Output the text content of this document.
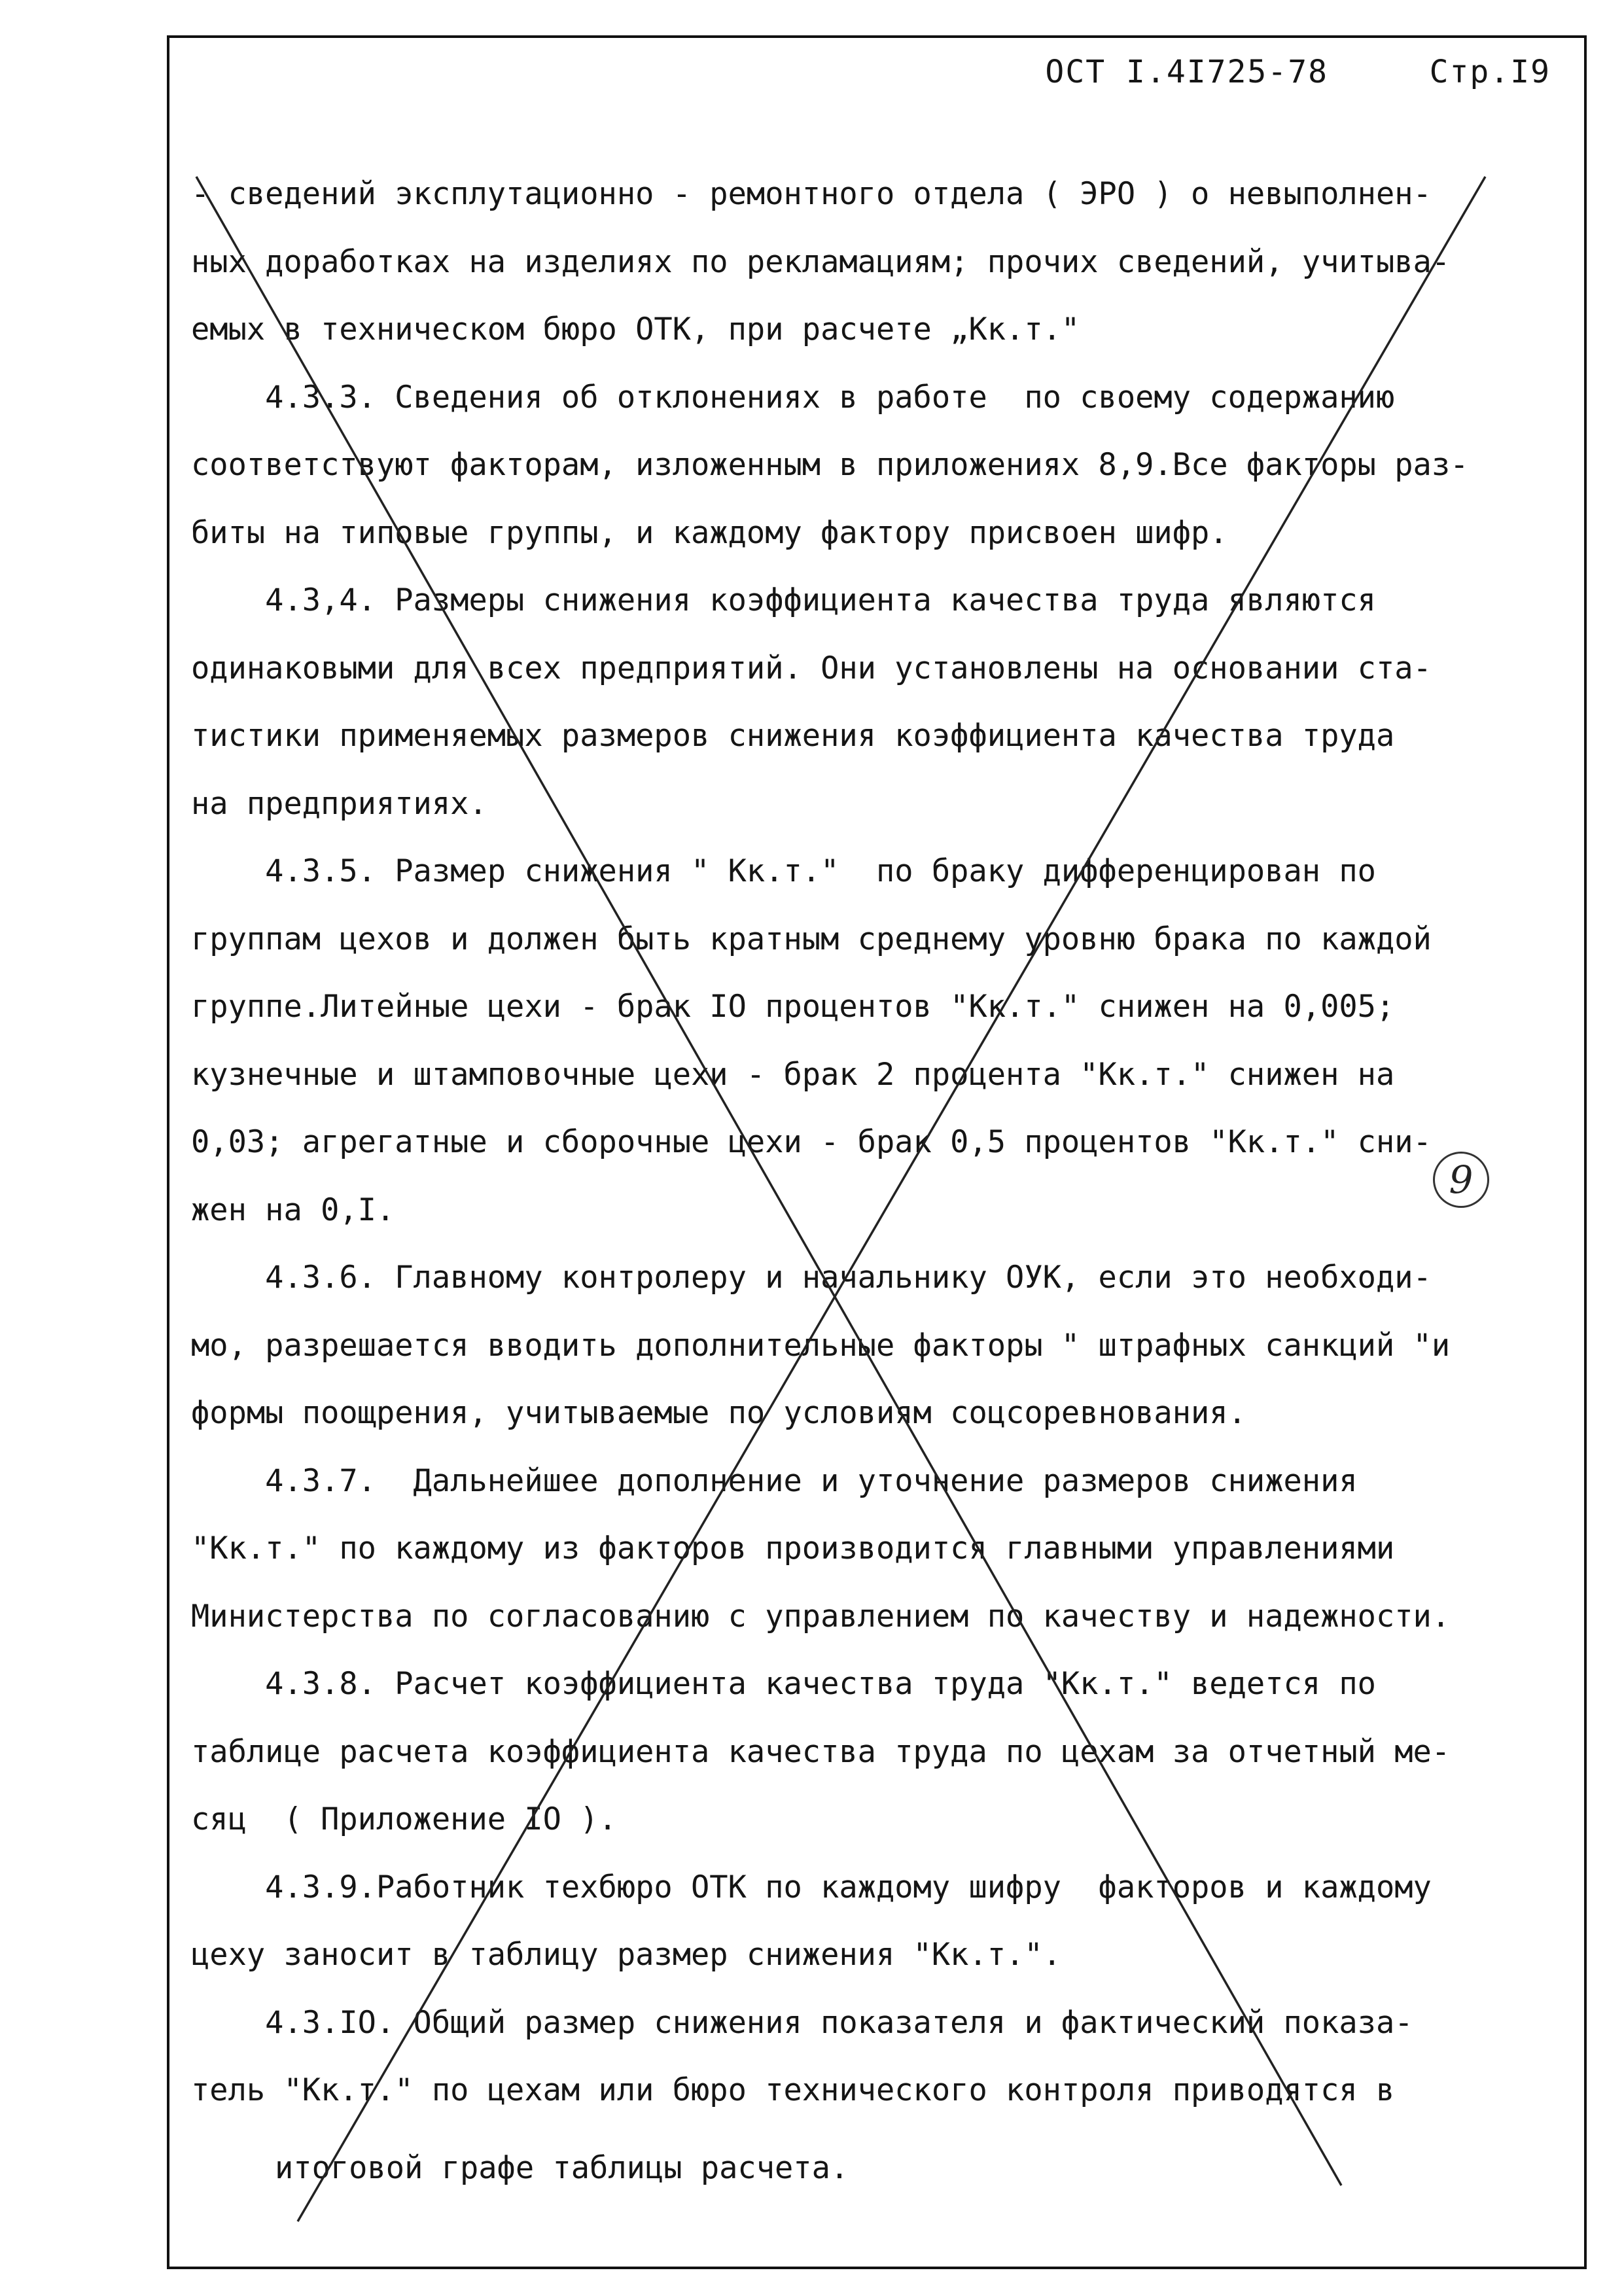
ОСТ I.4I725-78	Стр.I9
- сведений эксплутационно - ремонтного отдела ( ЭРО ) о невыполнен-
ных доработках на изделиях по рекламациям; прочих сведений, учитыва-
емых в техническом бюро ОТК, при расчете „Кк.т."
4.3.3. Сведения об отклонениях в работе  по своему содержанию
соответствуют факторам, изложенным в приложениях 8,9.Все факторы раз-
биты на типовые группы, и каждому фактору присвоен шифр.
4.3,4. Размеры снижения коэффициента качества труда являются
одинаковыми для всех предприятий. Они установлены на основании ста-
тистики применяемых размеров снижения коэффициента качества труда
на предприятиях.
4.3.5. Размер снижения " Кк.т."  по браку дифференцирован по
группам цехов и должен быть кратным среднему уровню брака по каждой
группе.Литейные цехи - брак IO процентов "Кк.т." снижен на 0,005;
кузнечные и штамповочные цехи - брак 2 процента "Кк.т." снижен на
0,03; агрегатные и сборочные цехи - брак 0,5 процентов "Кк.т." сни-
жен на 0,I.
4.3.6. Главному контролеру и начальнику ОУК, если это необходи-
мо, разрешается вводить дополнительные факторы " штрафных санкций "и
формы поощрения, учитываемые по условиям соцсоревнования.
4.3.7.  Дальнейшее дополнение и уточнение размеров снижения
"Кк.т." по каждому из факторов производится главными управлениями
Министерства по согласованию с управлением по качеству и надежности.
4.3.8. Расчет коэффициента качества труда "Кк.т." ведется по
таблице расчета коэффициента качества труда по цехам за отчетный ме-
сяц  ( Приложение IO ).
4.3.9.Работник техбюро ОТК по каждому шифру  факторов и каждому
цеху заносит в таблицу размер снижения "Кк.т.".
4.3.IO. Общий размер снижения показателя и фактический показа-
тель "Кк.т." по цехам или бюро технического контроля приводятся в
итоговой графе таблицы расчета.
9
